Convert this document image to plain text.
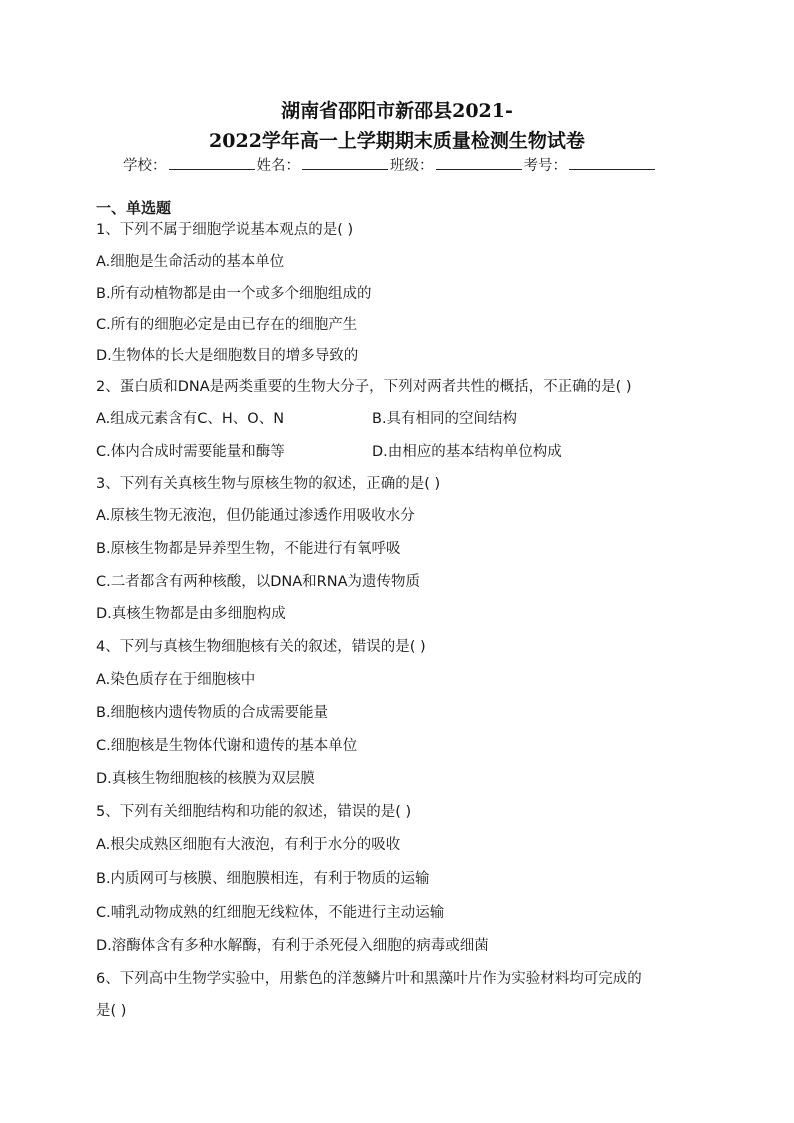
湖南省邵阳市新邵县2021-
2022学年高一上学期期末质量检测生物试卷
学校：	姓名：	班级：	考号：
一、单选题
1、下列不属于细胞学说基本观点的是( )
A.细胞是生命活动的基本单位
B.所有动植物都是由一个或多个细胞组成的
C.所有的细胞必定是由已存在的细胞产生
D.生物体的长大是细胞数目的增多导致的
2、蛋白质和DNA是两类重要的生物大分子，下列对两者共性的概括，不正确的是( )
A.组成元素含有C、H、O、N	B.具有相同的空间结构
C.体内合成时需要能量和酶等	D.由相应的基本结构单位构成
3、下列有关真核生物与原核生物的叙述，正确的是( )
A.原核生物无液泡，但仍能通过渗透作用吸收水分
B.原核生物都是异养型生物，不能进行有氧呼吸
C.二者都含有两种核酸，以DNA和RNA为遗传物质
D.真核生物都是由多细胞构成
4、下列与真核生物细胞核有关的叙述，错误的是( )
A.染色质存在于细胞核中
B.细胞核内遗传物质的合成需要能量
C.细胞核是生物体代谢和遗传的基本单位
D.真核生物细胞核的核膜为双层膜
5、下列有关细胞结构和功能的叙述，错误的是( )
A.根尖成熟区细胞有大液泡，有利于水分的吸收
B.内质网可与核膜、细胞膜相连，有利于物质的运输
C.哺乳动物成熟的红细胞无线粒体，不能进行主动运输
D.溶酶体含有多种水解酶，有利于杀死侵入细胞的病毒或细菌
6、下列高中生物学实验中，用紫色的洋葱鳞片叶和黑藻叶片作为实验材料均可完成的
是( )
